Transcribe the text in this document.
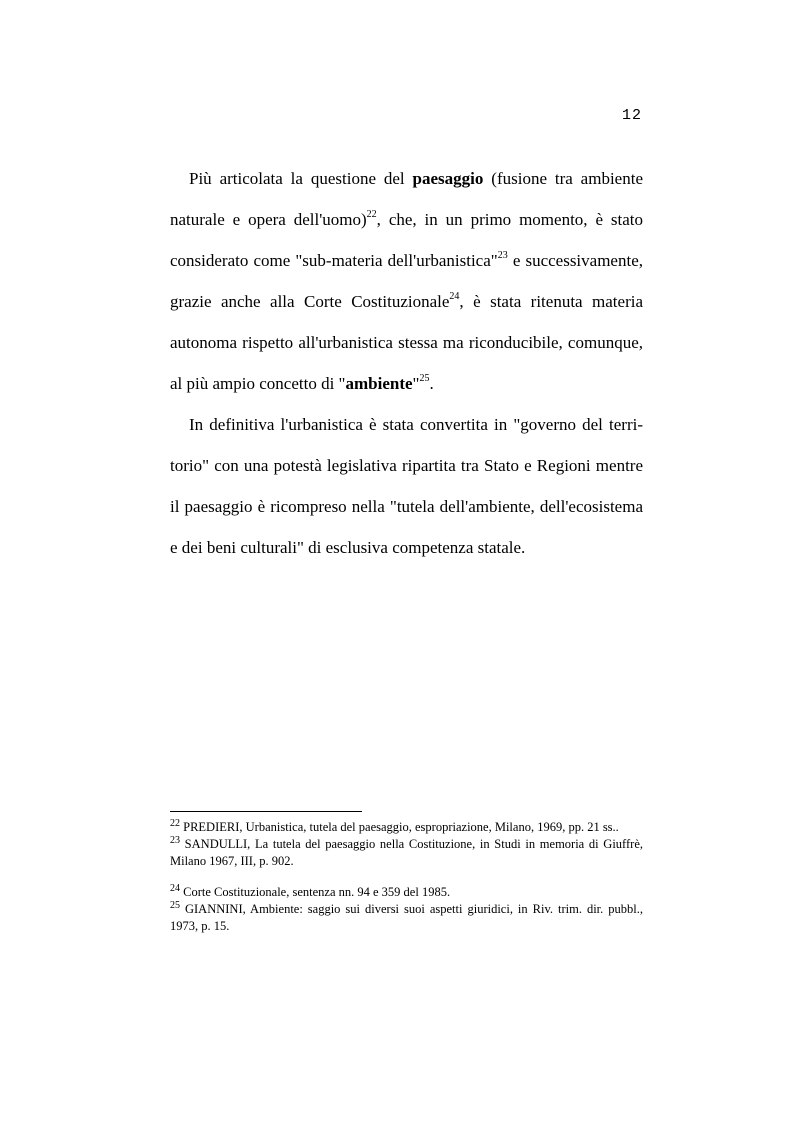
12

Più articolata la questione del paesaggio (fusione tra ambiente naturale e opera dell'uomo)$^{22}$, che, in un primo momento, è stato considerato come "sub-materia dell'urbanistica"$^{23}$ e successivamente, grazie anche alla Corte Costituzionale$^{24}$, è stata ritenuta materia autonoma rispetto all'urbanistica stessa ma riconducibile, comunque, al più ampio concetto di "ambiente"$^{25}$.

In definitiva l'urbanistica è stata convertita in "governo del territorio" con una potestà legislativa ripartita tra Stato e Regioni mentre il paesaggio è ricompreso nella "tutela dell'ambiente, dell'ecosistema e dei beni culturali" di esclusiva competenza statale.

$^{22}$ PREDIERI, Urbanistica, tutela del paesaggio, espropriazione, Milano, 1969, pp. 21 ss..

$^{23}$ SANDULLI, La tutela del paesaggio nella Costituzione, in Studi in memoria di Giuffrè, Milano 1967, III, p. 902.

$^{24}$ Corte Costituzionale, sentenza nn. 94 e 359 del 1985.

$^{25}$ GIANNINI, Ambiente: saggio sui diversi suoi aspetti giuridici, in Riv. trim. dir. pubbl., 1973, p. 15.
